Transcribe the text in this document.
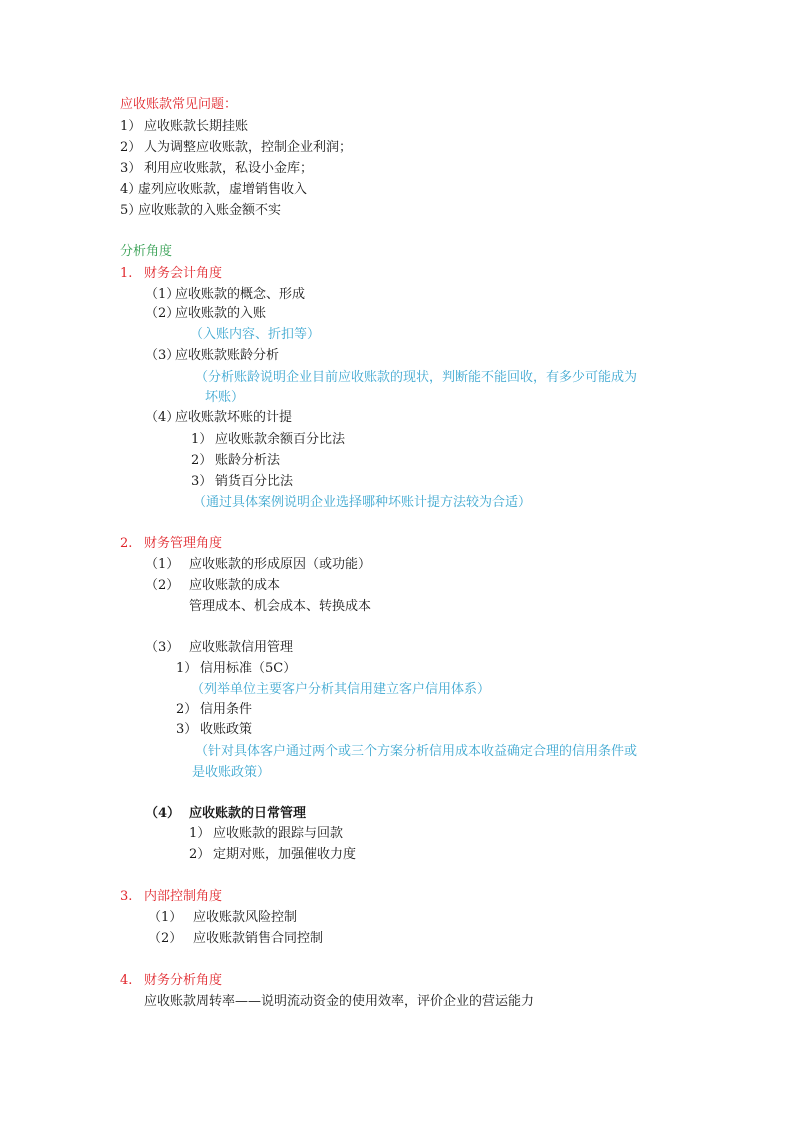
应收账款常见问题：
1） 应收账款长期挂账
2） 人为调整应收账款，控制企业利润；
3） 利用应收账款，私设小金库；
4）虚列应收账款，虚增销售收入
5）应收账款的入账金额不实
分析角度
1. 财务会计角度
（1）应收账款的概念、形成
（2）应收账款的入账
（入账内容、折扣等）
（3）应收账款账龄分析
（分析账龄说明企业目前应收账款的现状，判断能不能回收，有多少可能成为
坏账）
（4）应收账款坏账的计提
1） 应收账款余额百分比法
2） 账龄分析法
3） 销货百分比法
（通过具体案例说明企业选择哪种坏账计提方法较为合适）
2. 财务管理角度
（1） 应收账款的形成原因（或功能）
（2） 应收账款的成本
管理成本、机会成本、转换成本
（3） 应收账款信用管理
1） 信用标准（5C）
（列举单位主要客户分析其信用建立客户信用体系）
2） 信用条件
3） 收账政策
（针对具体客户通过两个或三个方案分析信用成本收益确定合理的信用条件或
是收账政策）
（4） 应收账款的日常管理
1） 应收账款的跟踪与回款
2） 定期对账，加强催收力度
3. 内部控制角度
（1） 应收账款风险控制
（2） 应收账款销售合同控制
4. 财务分析角度
应收账款周转率——说明流动资金的使用效率，评价企业的营运能力
